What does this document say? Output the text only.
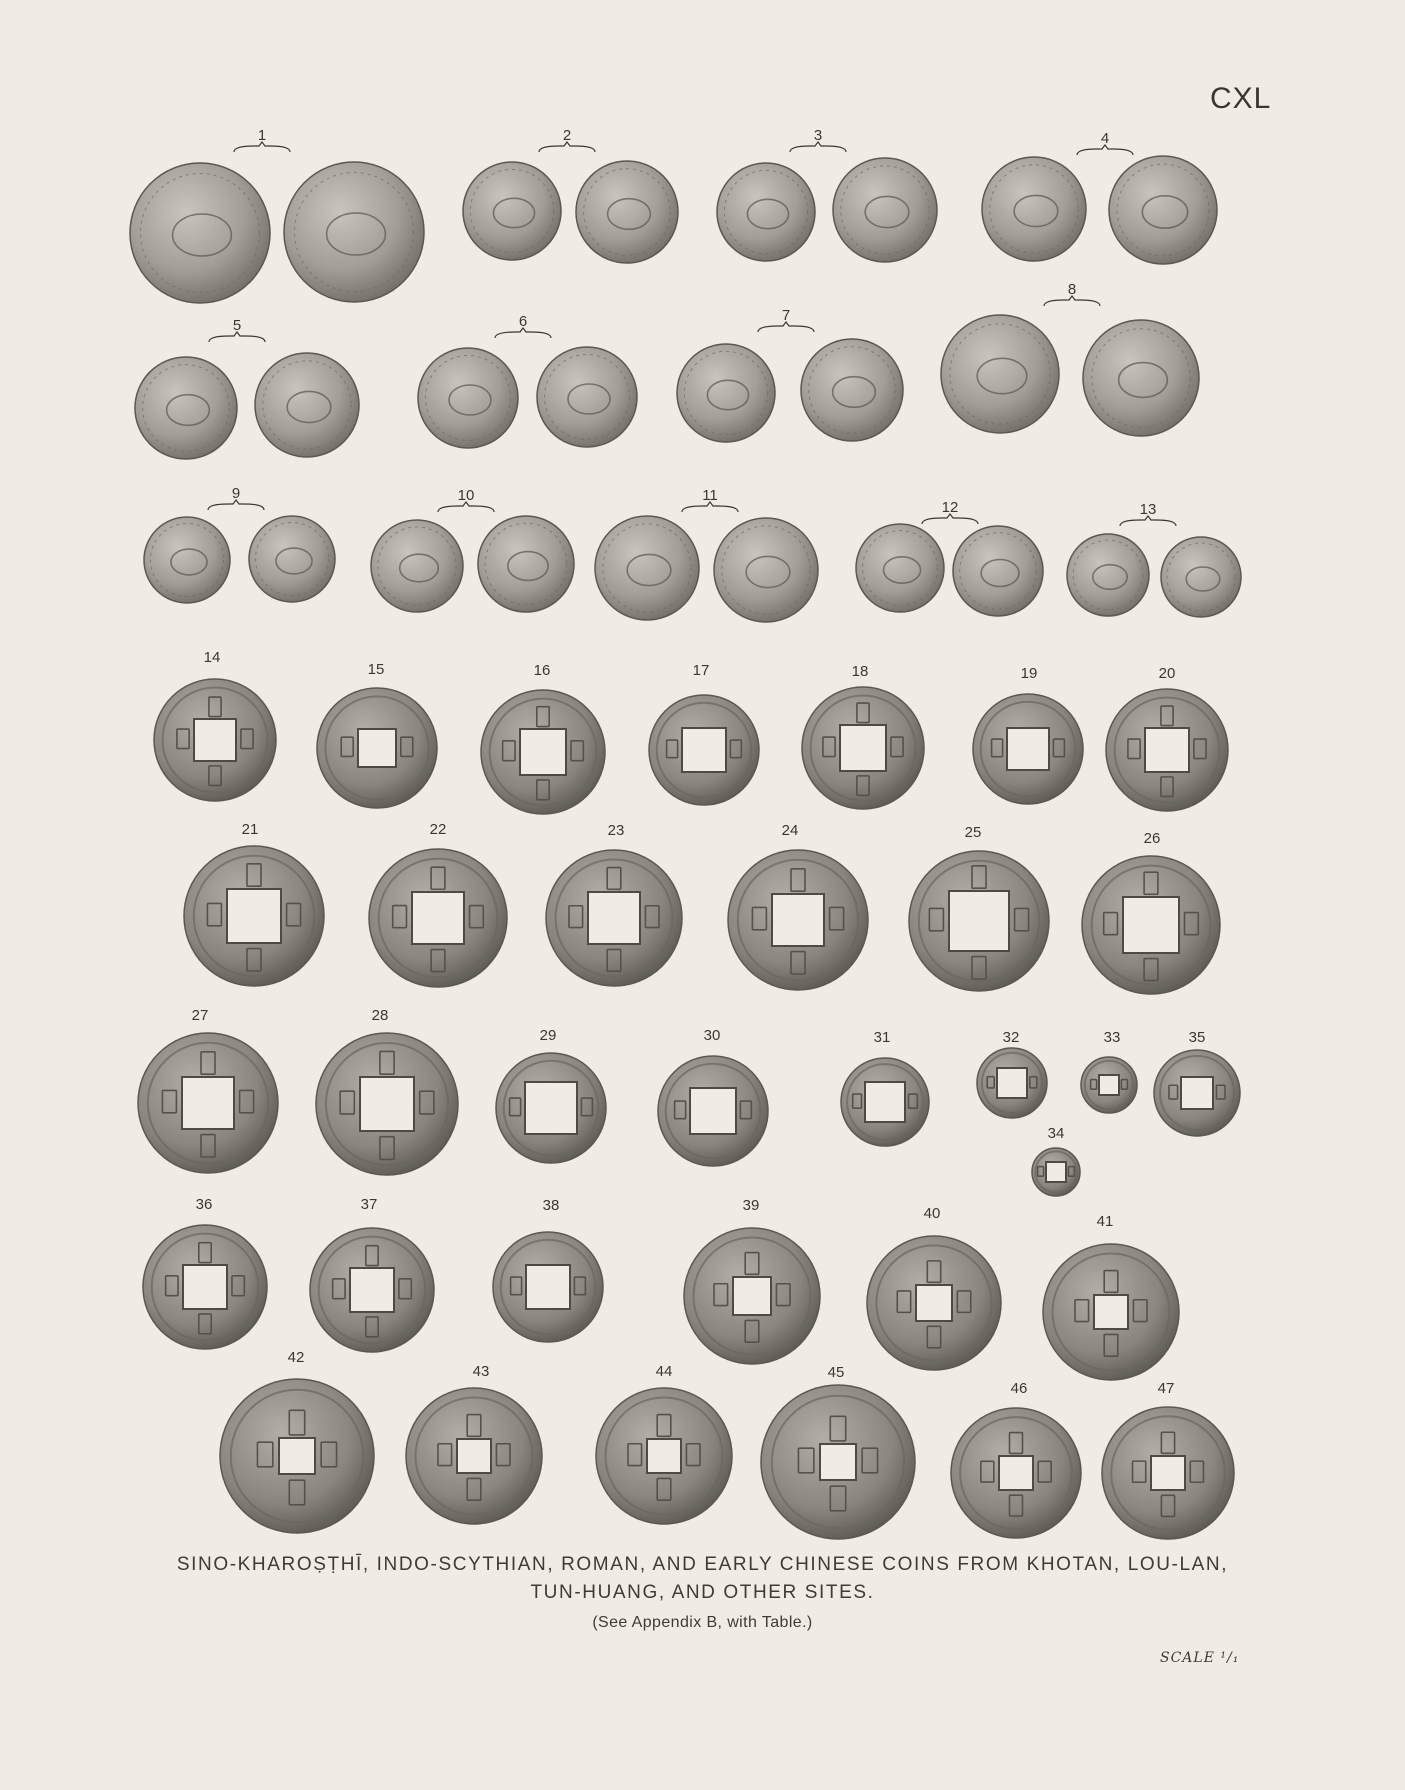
1	2	3	4
5	6	7
8
9	10	11
12	13
14
15	16	17	18	19	20
21	22	23	24	25	26
27	28
29	30	31	32	33
34
35
36	37	38	39	40	41
42
43	44	45
46	47
CXL
SINO-KHAROṢṬHĪ, INDO-SCYTHIAN, ROMAN, AND EARLY CHINESE COINS FROM KHOTAN, LOU-LAN,
TUN-HUANG, AND OTHER SITES.
(See Appendix B, with Table.)
SCALE ¹/₁
